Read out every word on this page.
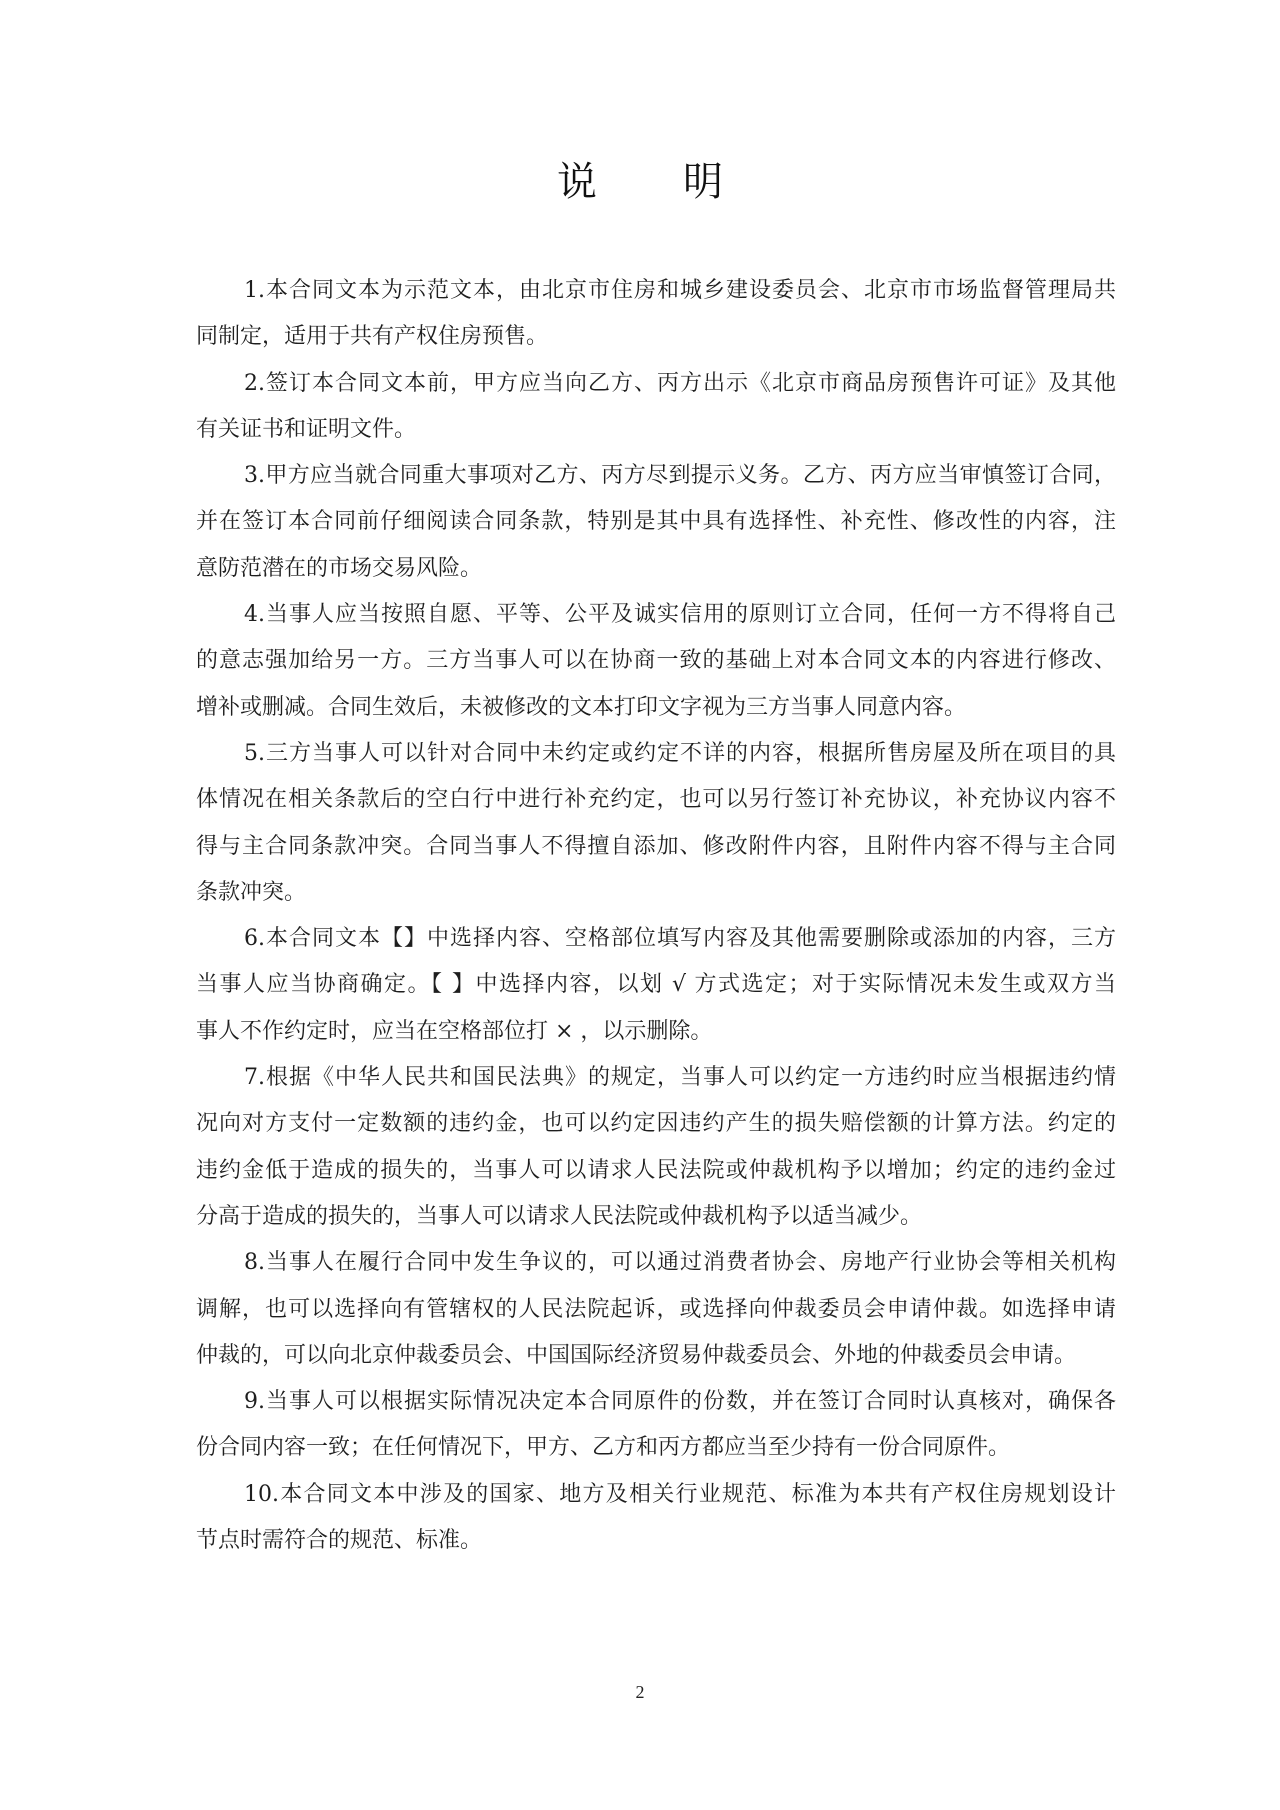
说 明
1.本合同文本为示范文本，由北京市住房和城乡建设委员会、北京市市场监督管理局共
同制定，适用于共有产权住房预售。
2.签订本合同文本前，甲方应当向乙方、丙方出示《北京市商品房预售许可证》及其他
有关证书和证明文件。
3.甲方应当就合同重大事项对乙方、丙方尽到提示义务。乙方、丙方应当审慎签订合同，
并在签订本合同前仔细阅读合同条款，特别是其中具有选择性、补充性、修改性的内容，注
意防范潜在的市场交易风险。
4.当事人应当按照自愿、平等、公平及诚实信用的原则订立合同，任何一方不得将自己
的意志强加给另一方。三方当事人可以在协商一致的基础上对本合同文本的内容进行修改、
增补或删减。合同生效后，未被修改的文本打印文字视为三方当事人同意内容。
5.三方当事人可以针对合同中未约定或约定不详的内容，根据所售房屋及所在项目的具
体情况在相关条款后的空白行中进行补充约定，也可以另行签订补充协议，补充协议内容不
得与主合同条款冲突。合同当事人不得擅自添加、修改附件内容，且附件内容不得与主合同
条款冲突。
6.本合同文本【】中选择内容、空格部位填写内容及其他需要删除或添加的内容，三方
当事人应当协商确定。【 】中选择内容，以划 √ 方式选定；对于实际情况未发生或双方当
事人不作约定时，应当在空格部位打 × ，以示删除。
7.根据《中华人民共和国民法典》的规定，当事人可以约定一方违约时应当根据违约情
况向对方支付一定数额的违约金，也可以约定因违约产生的损失赔偿额的计算方法。约定的
违约金低于造成的损失的，当事人可以请求人民法院或仲裁机构予以增加；约定的违约金过
分高于造成的损失的，当事人可以请求人民法院或仲裁机构予以适当减少。
8.当事人在履行合同中发生争议的，可以通过消费者协会、房地产行业协会等相关机构
调解，也可以选择向有管辖权的人民法院起诉，或选择向仲裁委员会申请仲裁。如选择申请
仲裁的，可以向北京仲裁委员会、中国国际经济贸易仲裁委员会、外地的仲裁委员会申请。
9.当事人可以根据实际情况决定本合同原件的份数，并在签订合同时认真核对，确保各
份合同内容一致；在任何情况下，甲方、乙方和丙方都应当至少持有一份合同原件。
10.本合同文本中涉及的国家、地方及相关行业规范、标准为本共有产权住房规划设计
节点时需符合的规范、标准。
2
